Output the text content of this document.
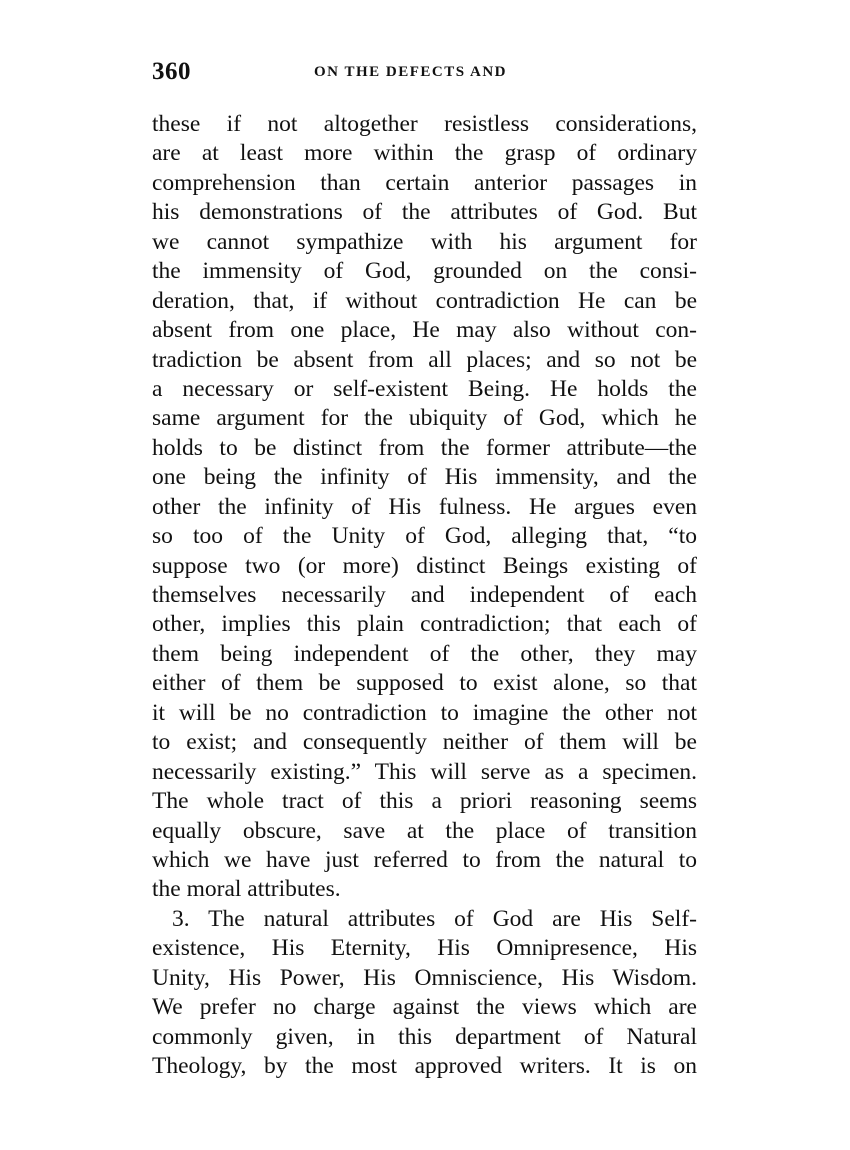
360	ON THE DEFECTS AND
these if not altogether resistless considerations,
are at least more within the grasp of ordinary
comprehension than certain anterior passages in
his demonstrations of the attributes of God. But
we cannot sympathize with his argument for
the immensity of God, grounded on the consi-
deration, that, if without contradiction He can be
absent from one place, He may also without con-
tradiction be absent from all places; and so not be
a necessary or self-existent Being. He holds the
same argument for the ubiquity of God, which he
holds to be distinct from the former attribute—the
one being the infinity of His immensity, and the
other the infinity of His fulness. He argues even
so too of the Unity of God, alleging that, “to
suppose two (or more) distinct Beings existing of
themselves necessarily and independent of each
other, implies this plain contradiction; that each of
them being independent of the other, they may
either of them be supposed to exist alone, so that
it will be no contradiction to imagine the other not
to exist; and consequently neither of them will be
necessarily existing.” This will serve as a specimen.
The whole tract of this a priori reasoning seems
equally obscure, save at the place of transition
which we have just referred to from the natural to
the moral attributes.
3. The natural attributes of God are His Self-
existence, His Eternity, His Omnipresence, His
Unity, His Power, His Omniscience, His Wisdom.
We prefer no charge against the views which are
commonly given, in this department of Natural
Theology, by the most approved writers. It is on
